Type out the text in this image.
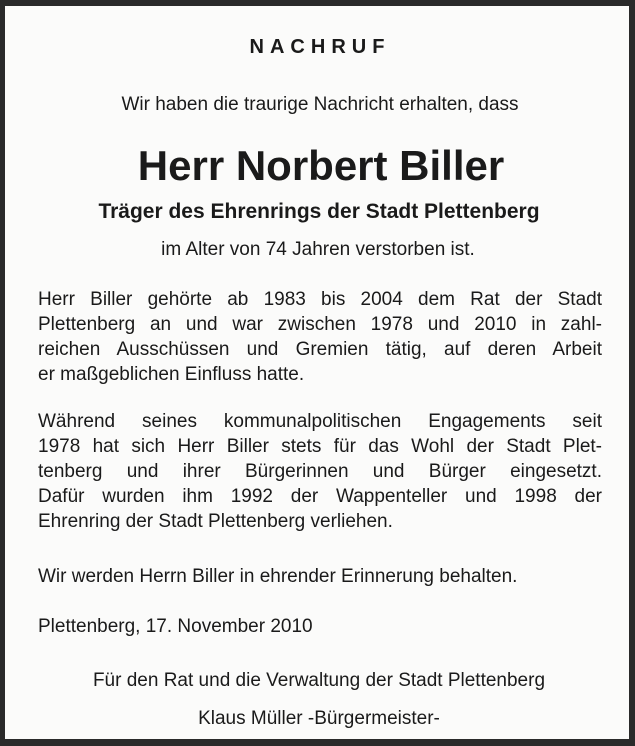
NACHRUF
Wir haben die traurige Nachricht erhalten, dass
Herr Norbert Biller
Träger des Ehrenrings der Stadt Plettenberg
im Alter von 74 Jahren verstorben ist.
Herr Biller gehörte ab 1983 bis 2004 dem Rat der Stadt
Plettenberg an und war zwischen 1978 und 2010 in zahl-
reichen Ausschüssen und Gremien tätig, auf deren Arbeit
er maßgeblichen Einfluss hatte.
Während seines kommunalpolitischen Engagements seit
1978 hat sich Herr Biller stets für das Wohl der Stadt Plet-
tenberg und ihrer Bürgerinnen und Bürger eingesetzt.
Dafür wurden ihm 1992 der Wappenteller und 1998 der
Ehrenring der Stadt Plettenberg verliehen.
Wir werden Herrn Biller in ehrender Erinnerung behalten.
Plettenberg, 17. November 2010
Für den Rat und die Verwaltung der Stadt Plettenberg
Klaus Müller -Bürgermeister-
